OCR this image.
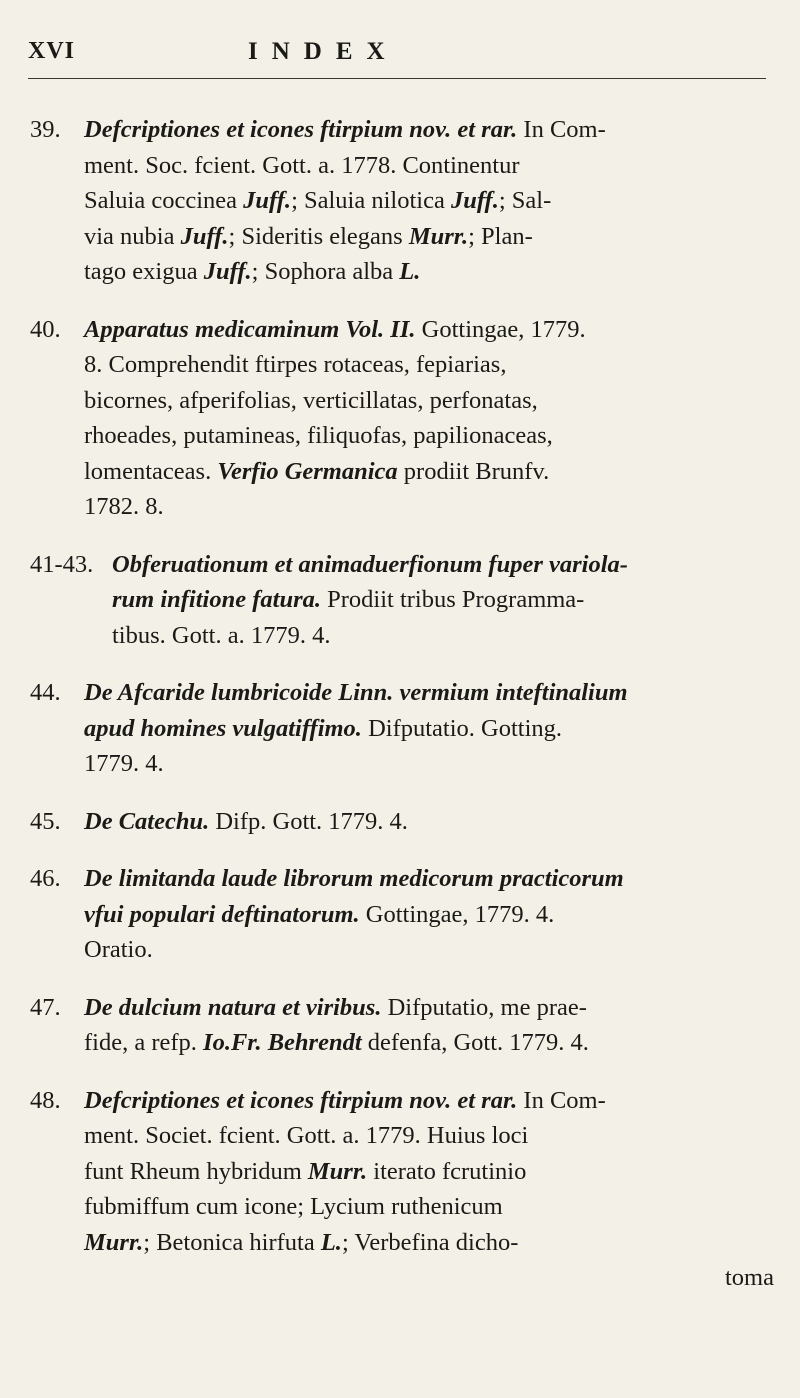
XVI	INDEX
39. Defcriptiones et icones ftirpium nov. et rar. In Com-
ment. Soc. fcient. Gott. a. 1778. Continentur
Saluia coccinea Juff.; Saluia nilotica Juff.; Sal-
via nubia Juff.; Sideritis elegans Murr.; Plan-
tago exigua Juff.; Sophora alba L.
40. Apparatus medicaminum Vol. II. Gottingae, 1779.
8. Comprehendit ftirpes rotaceas, fepiarias,
bicornes, afperifolias, verticillatas, perfonatas,
rhoeades, putamineas, filiquofas, papilionaceas,
lomentaceas. Verfio Germanica prodiit Brunfv.
1782. 8.
41-43. Obferuationum et animaduerfionum fuper variola-
rum infitione fatura. Prodiit tribus Programma-
tibus. Gott. a. 1779. 4.
44. De Afcaride lumbricoide Linn. vermium inteftinalium
apud homines vulgatiffimo. Difputatio. Gotting.
1779. 4.
45. De Catechu. Difp. Gott. 1779. 4.
46. De limitanda laude librorum medicorum practicorum
vfui populari deftinatorum. Gottingae, 1779. 4.
Oratio.
47. De dulcium natura et viribus. Difputatio, me prae-
fide, a refp. Io.Fr. Behrendt defenfa, Gott. 1779. 4.
48. Defcriptiones et icones ftirpium nov. et rar. In Com-
ment. Societ. fcient. Gott. a. 1779. Huius loci
funt Rheum hybridum Murr. iterato fcrutinio
fubmiffum cum icone; Lycium ruthenicum
Murr.; Betonica hirfuta L.; Verbefina dicho-
toma
